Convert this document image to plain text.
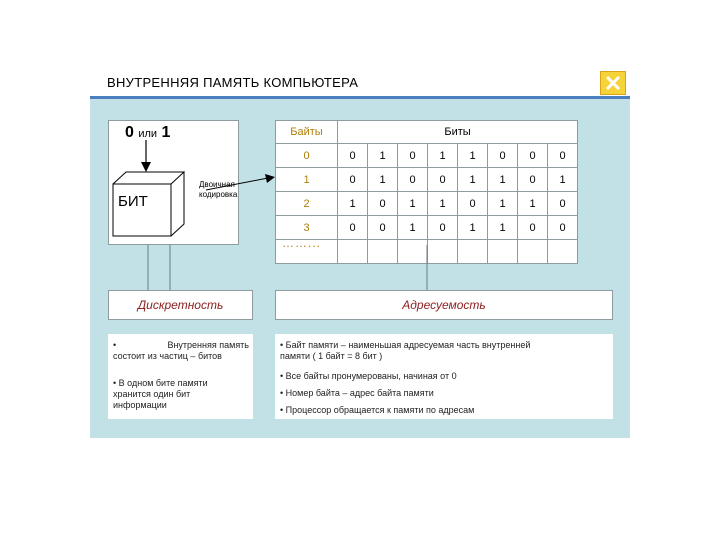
ВНУТРЕННЯЯ ПАМЯТЬ КОМПЬЮТЕРА
0 или 1
БИТ
Двоичная
кодировка
Байты	Биты							
0	0	1	0	1	1	0	0	0
1	0	1	0	0	1	1	0	1
2	1	0	1	1	0	1	1	0
3	0	0	1	0	1	1	0	0

……...
Дискретность
•	Внутренняя память
состоит из частиц – битов
• В одном бите памяти
хранится один бит
информации
Адресуемость
• Байт памяти – наименьшая адресуемая часть внутренней
памяти ( 1 байт = 8 бит )
• Все байты пронумерованы, начиная от 0
• Номер байта – адрес байта памяти
• Процессор обращается к памяти по адресам
